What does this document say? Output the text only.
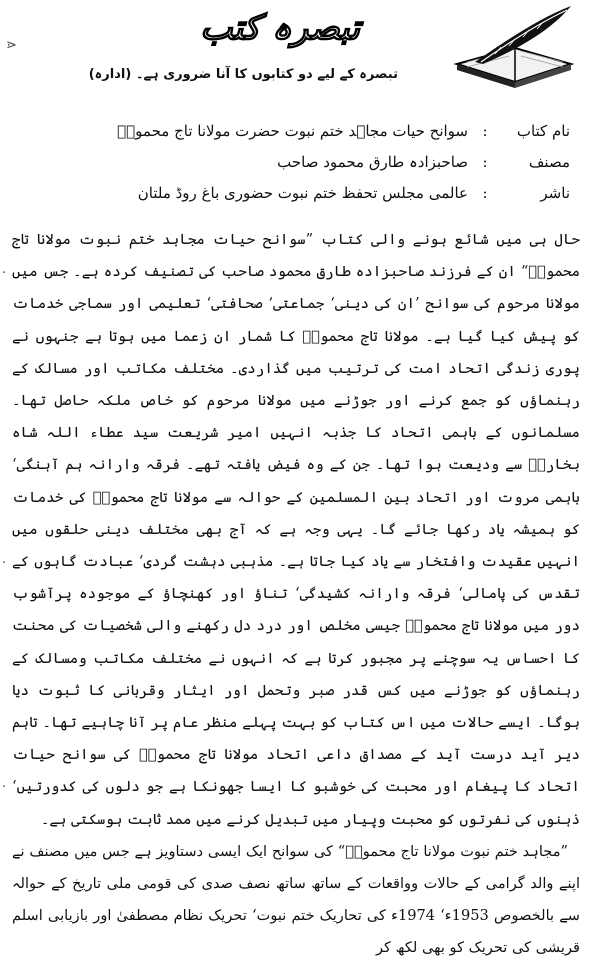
تبصرہ کتب
تبصرہ کے لیے دو کتابوں کا آنا ضروری ہے۔ (ادارہ)
⋗
·
·
·
نام کتاب
:
سوانح حیات مجاہد ختم نبوت حضرت مولانا تاج محمودؒ
مصنف
:
صاحبزادہ طارق محمود صاحب
ناشر
:
عالمی مجلس تحفظ ختم نبوت حضوری باغ روڈ ملتان

حال ہی میں شائع ہونے والی کتاب ”سوانح حیات مجاہد ختم نبوت مولانا تاج محمودؒ“ ان کے فرزند صاحبزادہ طارق محمود صاحب کی تصنیف کردہ ہے۔ جس میں مولانا مرحوم کی سوانح ’ان کی دینی‘ جماعتی‘ صحافتی‘ تعلیمی اور سماجی خدمات کو پیش کیا گیا ہے۔ مولانا تاج محمودؒ کا شمار ان زعما میں ہوتا ہے جنہوں نے پوری زندگی اتحاد امت کی ترتیب میں گذاردی۔ مختلف مکاتب اور مسالک کے رہنماؤں کو جمع کرنے اور جوڑنے میں مولانا مرحوم کو خاص ملکہ حاصل تھا۔ مسلمانوں کے باہمی اتحاد کا جذبہ انہیں امیر شریعت سید عطاء اللہ شاہ بخاریؒ سے ودیعت ہوا تھا۔ جن کے وہ فیض یافتہ تھے۔ فرقہ وارانہ ہم آہنگی‘ باہمی مروت اور اتحاد بین المسلمین کے حوالہ سے مولانا تاج محمودؒ کی خدمات کو ہمیشہ یاد رکھا جائے گا۔ یہی وجہ ہے کہ آج بھی مختلف دینی حلقوں میں انہیں عقیدت وافتخار سے یاد کیا جاتا ہے۔ مذہبی دہشت گردی‘ عبادت گاہوں کے تقدس کی پامالی‘ فرقہ وارانہ کشیدگی‘ تناؤ اور کھنچاؤ کے موجودہ پرآشوب دور میں مولانا تاج محمودؒ جیسی مخلص اور درد دل رکھنے والی شخصیات کی محنت کا احساس یہ سوچنے پر مجبور کرتا ہے کہ انہوں نے مختلف مکاتب ومسالک کے رہنماؤں کو جوڑنے میں کس قدر صبر وتحمل اور ایثار وقربانی کا ثبوت دیا ہوگا۔ ایسے حالات میں اس کتاب کو بہت پہلے منظر عام پر آنا چاہیے تھا۔ تاہم دیر آید درست آید کے مصداق داعی اتحاد مولانا تاج محمودؒ کی سوانح حیات اتحاد کا پیغام اور محبت کی خوشبو کا ایسا جھونکا ہے جو دلوں کی کدورتیں‘ ذہنوں کی نفرتوں کو محبت وپیار میں تبدیل کرنے میں ممد ثابت ہوسکتی ہے۔

”مجاہد ختم نبوت مولانا تاج محمودؒ“ کی سوانح ایک ایسی دستاویز ہے جس میں مصنف نے اپنے والد گرامی کے حالات وواقعات کے ساتھ ساتھ نصف صدی کی قومی ملی تاریخ کے حوالہ سے بالخصوص 1953ء‘ 1974ء کی تحاریک ختم نبوت‘ تحریک نظام مصطفیٰ اور بازیابی اسلم قریشی کی تحریک کو بھی لکھ کر
